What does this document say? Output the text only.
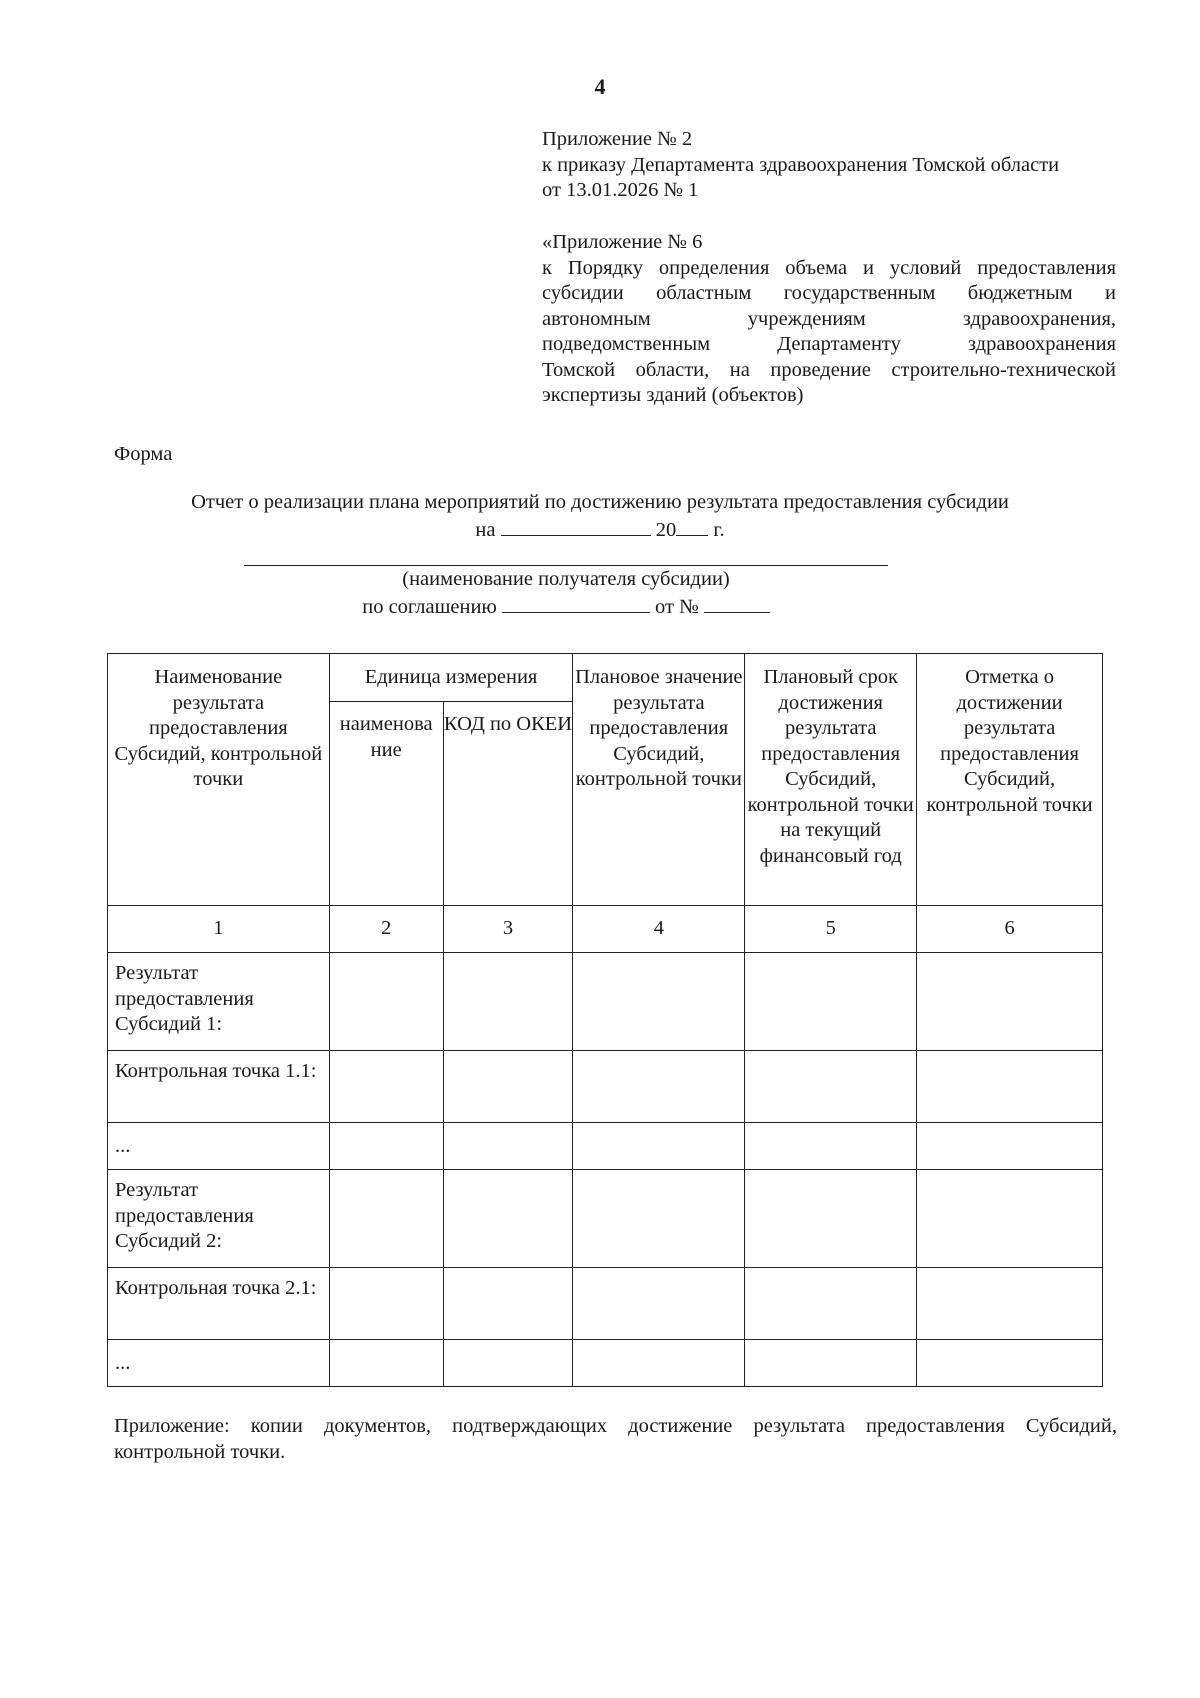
4
Приложение № 2
к приказу Департамента здравоохранения Томской области
от 13.01.2026 № 1
«Приложение № 6
к Порядку определения объема и условий предоставления
субсидии областным государственным бюджетным и
автономным учреждениям здравоохранения,
подведомственным Департаменту здравоохранения
Томской области, на проведение строительно-технической
экспертизы зданий (объектов)
Форма
Отчет о реализации плана мероприятий по достижению результата предоставления субсидии
на	20 г.
(наименование получателя субсидии)
по соглашению	от №
Наименование результата предоставления Субсидий, контрольной точки	Единица измерения		Плановое значение результата предоставления Субсидий, контрольной точки	Плановый срок достижения результата предоставления Субсидий, контрольной точки на текущий финансовый год	Отметка о достижении результата предоставления Субсидий, контрольной точки
	наименова ние	КОД по ОКЕИ			
1	2	3	4	5	6
Результат предоставления Субсидий 1:					
Контрольная точка 1.1:					
...					
Результат предоставления Субсидий 2:					
Контрольная точка 2.1:					
...					
Приложение: копии документов, подтверждающих достижение результата предоставления Субсидий, контрольной точки.
